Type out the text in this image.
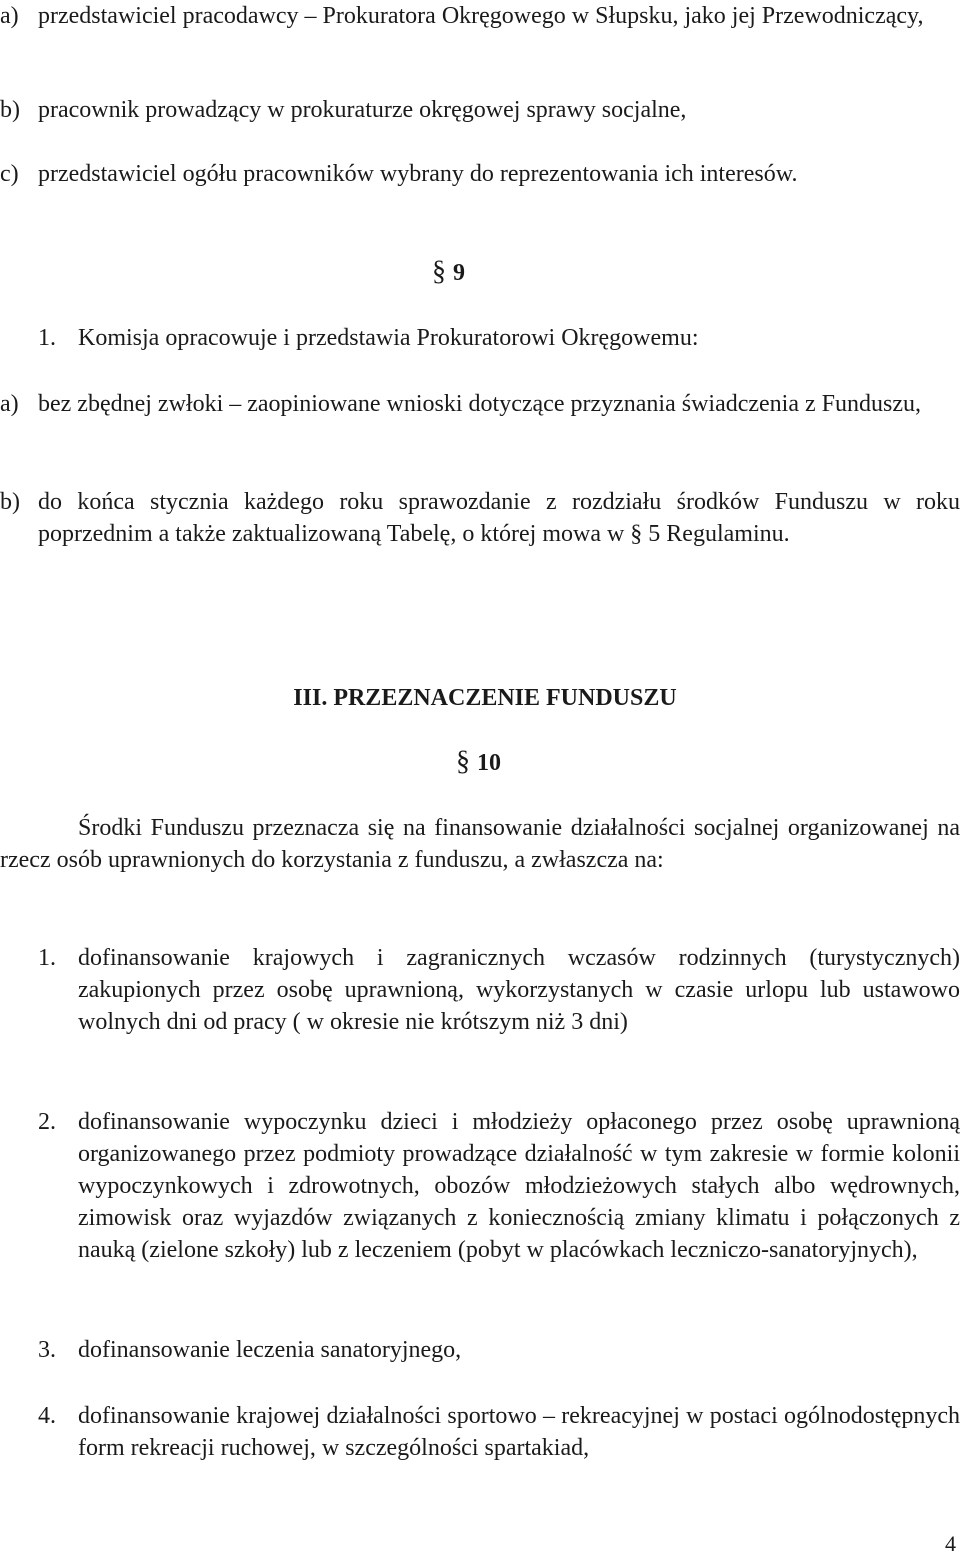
a) przedstawiciel pracodawcy – Prokuratora Okręgowego w Słupsku, jako jej Przewodniczący,
b) pracownik prowadzący w prokuraturze okręgowej sprawy socjalne,
c) przedstawiciel ogółu pracowników wybrany do reprezentowania ich interesów.
§ 9
1. Komisja opracowuje i przedstawia Prokuratorowi Okręgowemu:
a) bez zbędnej zwłoki – zaopiniowane wnioski dotyczące przyznania świadczenia z Funduszu,
b) do końca stycznia każdego roku sprawozdanie z rozdziału środków Funduszu w roku poprzednim a także zaktualizowaną Tabelę, o której mowa w § 5 Regulaminu.
III. PRZEZNACZENIE FUNDUSZU
§ 10
Środki Funduszu przeznacza się na finansowanie działalności socjalnej organizowanej na rzecz osób uprawnionych do korzystania z funduszu, a zwłaszcza na:
1. dofinansowanie krajowych i zagranicznych wczasów rodzinnych (turystycznych) zakupionych przez osobę uprawnioną, wykorzystanych w czasie urlopu lub ustawowo wolnych dni od pracy ( w okresie nie krótszym niż 3 dni)
2. dofinansowanie wypoczynku dzieci i młodzieży opłaconego przez osobę uprawnioną organizowanego przez podmioty prowadzące działalność w tym zakresie w formie kolonii wypoczynkowych i zdrowotnych, obozów młodzieżowych stałych albo wędrownych, zimowisk oraz wyjazdów związanych z koniecznością zmiany klimatu i połączonych z nauką (zielone szkoły) lub z leczeniem (pobyt w placówkach leczniczo-sanatoryjnych),
3. dofinansowanie leczenia sanatoryjnego,
4. dofinansowanie krajowej działalności sportowo – rekreacyjnej w postaci ogólnodostępnych form rekreacji ruchowej, w szczególności spartakiad,
4
